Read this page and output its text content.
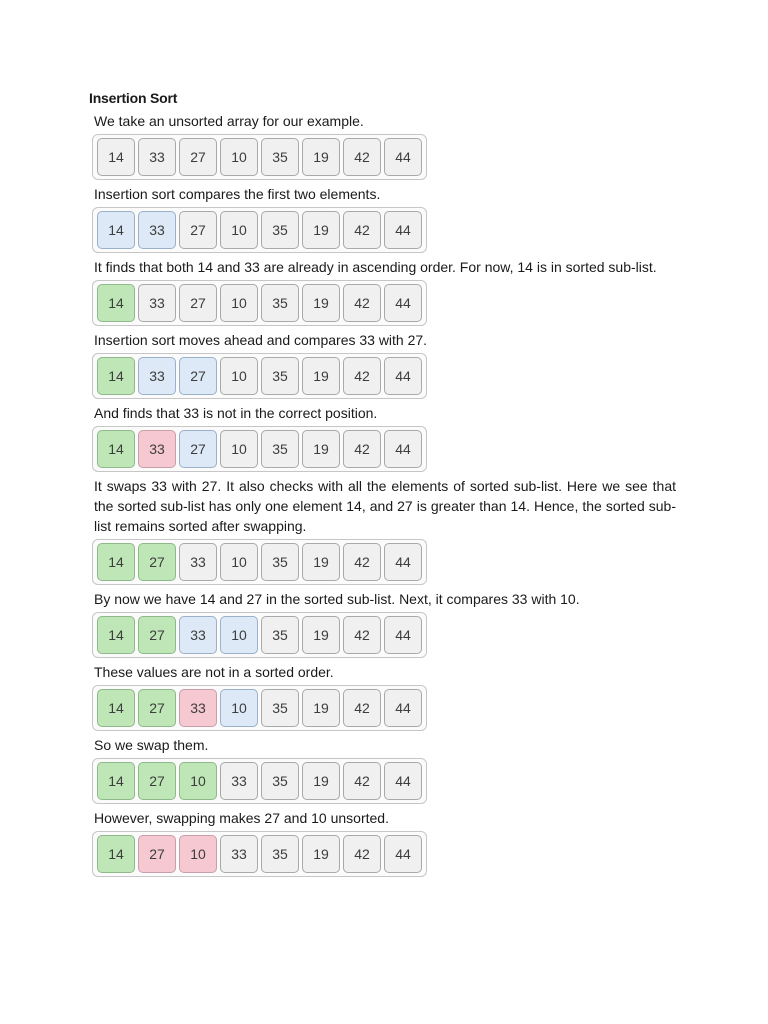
Insertion Sort
We take an unsorted array for our example.
14	33	27	10	35	19	42	44
Insertion sort compares the first two elements.
14	33	27	10	35	19	42	44
It finds that both 14 and 33 are already in ascending order. For now, 14 is in sorted sub-list.
14	33	27	10	35	19	42	44
Insertion sort moves ahead and compares 33 with 27.
14	33	27	10	35	19	42	44
And finds that 33 is not in the correct position.
14	33	27	10	35	19	42	44
It swaps 33 with 27. It also checks with all the elements of sorted sub-list. Here we see that the sorted sub-list has only one element 14, and 27 is greater than 14. Hence, the sorted sub-list remains sorted after swapping.
14	27	33	10	35	19	42	44
By now we have 14 and 27 in the sorted sub-list. Next, it compares 33 with 10.
14	27	33	10	35	19	42	44
These values are not in a sorted order.
14	27	33	10	35	19	42	44
So we swap them.
14	27	10	33	35	19	42	44
However, swapping makes 27 and 10 unsorted.
14	27	10	33	35	19	42	44
